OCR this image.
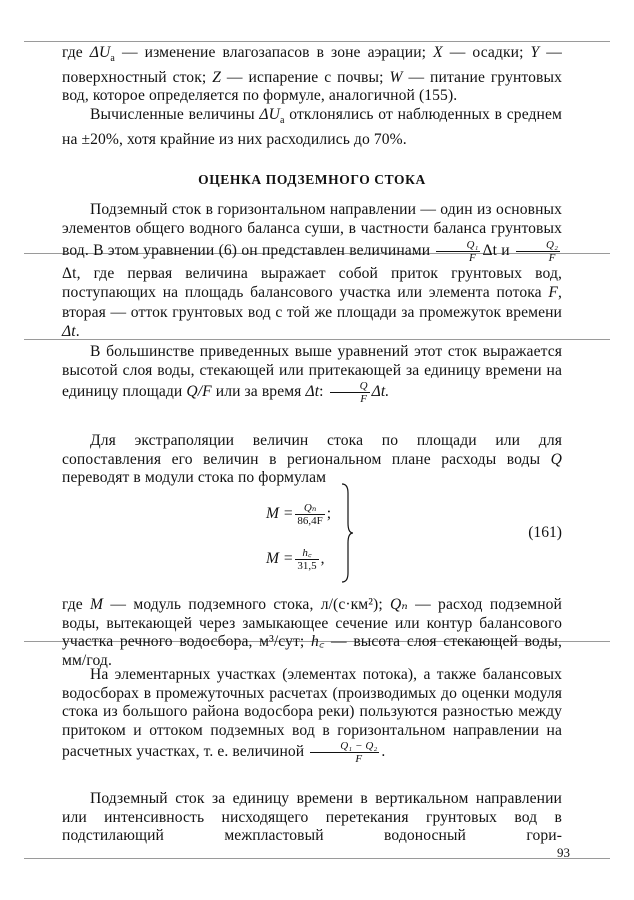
где $\Delta U_а$ — изменение влагозапасов в зоне аэрации; X — осадки; Y — поверхностный сток; Z — испарение с почвы; W — питание грунтовых вод, которое определяется по формуле, аналогичной (155).

Вычисленные величины $\Delta U_а$ отклонялись от наблюденных в среднем на ±20%, хотя крайние из них расходились до 70%.

ОЦЕНКА ПОДЗЕМНОГО СТОКА

Подземный сток в горизонтальном направлении — один из основных элементов общего водного баланса суши, в частности баланса грунтовых вод. В этом уравнении (6) он представлен величинами $\frac{\text{Q₁}}{F}$ Δt и $\frac{\text{Q₂}}{F}$
Δt, где первая величина выражает собой приток грунтовых вод, поступающих на площадь балансового участка или элемента потока F, вторая — отток грунтовых вод с той же площади за промежуток времени Δt.

В большинстве приведенных выше уравнений этот сток выражается высотой слоя воды, стекающей или притекающей за единицу времени на единицу площади Q/F или за время Δt: $\frac{Q}{F} \Delta t$.

Для экстраполяции величин стока по площади или для сопоставления его величин в региональном плане расходы воды Q переводят в модули стока по формулам

$M = \frac{\text{Qₙ}}{86,4F}$ ;
$M = \frac{h꜀}{31,5}$ ,
(161)

где M — модуль подземного стока, л/(с·км²); Qₙ — расход подземной воды, вытекающей через замыкающее сечение или контур балансового участка речного водосбора, м³/сут; h꜀ — высота слоя стекающей воды, мм/год.

На элементарных участках (элементах потока), а также балансовых водосборах в промежуточных расчетах (производимых до оценки модуля стока из большого района водосбора реки) пользуются разностью между притоком и оттоком подземных вод в горизонтальном направлении на расчетных участках, т. е. величиной $\frac{\text{Q₁ − Q₂}}{F}$ .

Подземный сток за единицу времени в вертикальном направлении или интенсивность нисходящего перетекания грунтовых вод в подстилающий межпластовый водоносный гори-

93
